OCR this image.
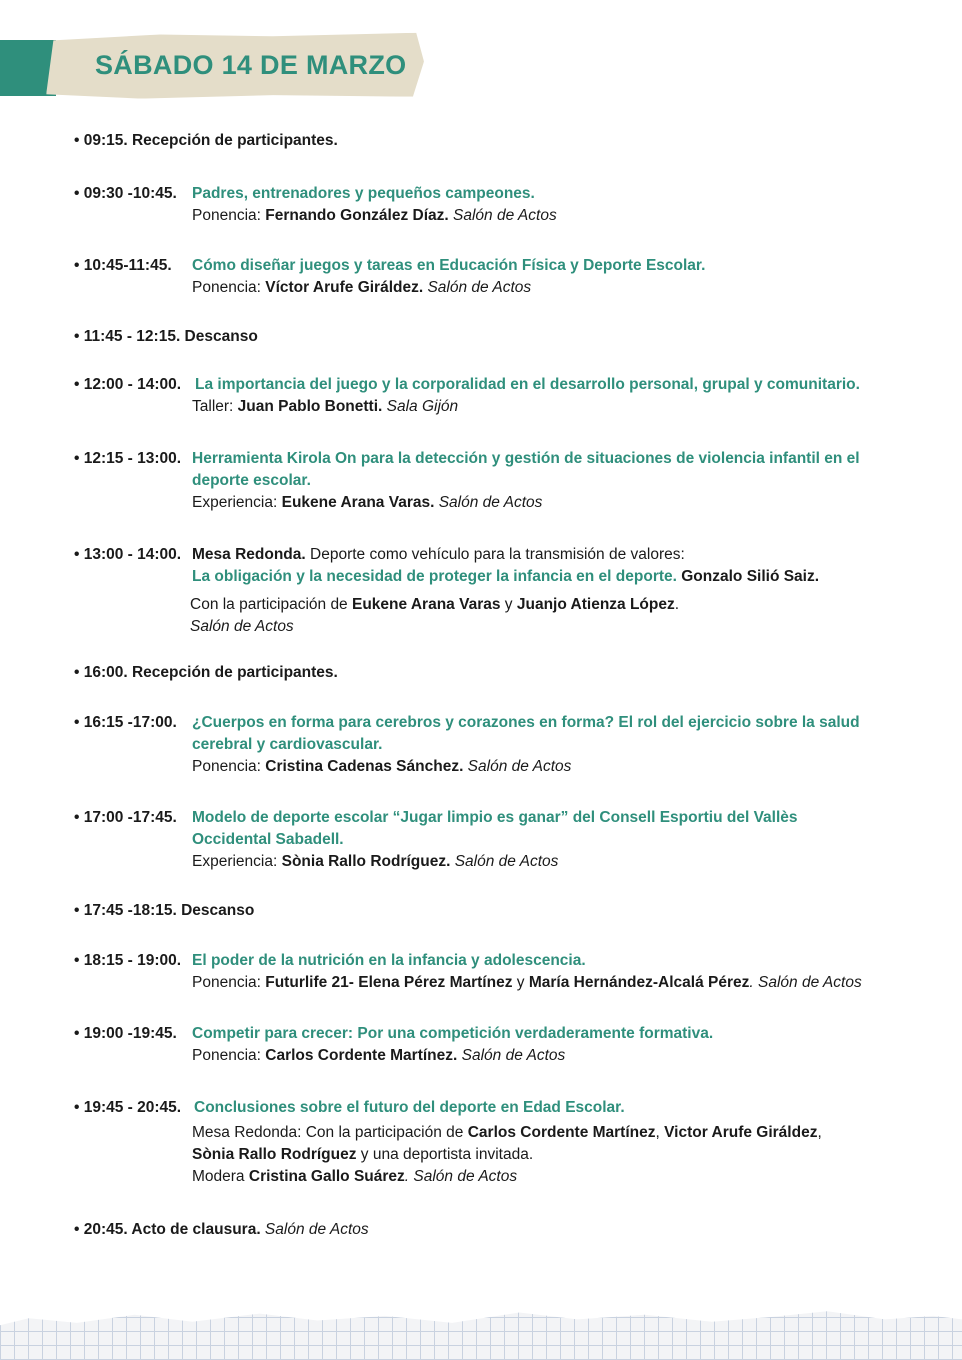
SÁBADO 14 DE MARZO
• 09:15. Recepción de participantes.
• 09:30 -10:45. Padres, entrenadores y pequeños campeones.
Ponencia: Fernando González Díaz. Salón de Actos
• 10:45-11:45. Cómo diseñar juegos y tareas en Educación Física y Deporte Escolar.
Ponencia: Víctor Arufe Giráldez. Salón de Actos
• 11:45 - 12:15. Descanso
• 12:00 - 14:00. La importancia del juego y la corporalidad en el desarrollo personal, grupal y comunitario.
Taller: Juan Pablo Bonetti. Sala Gijón
• 12:15 - 13:00. Herramienta Kirola On para la detección y gestión de situaciones de violencia infantil en el
deporte escolar.
Experiencia: Eukene Arana Varas. Salón de Actos
• 13:00 - 14:00. Mesa Redonda. Deporte como vehículo para la transmisión de valores:
La obligación y la necesidad de proteger la infancia en el deporte. Gonzalo Silió Saiz.
Con la participación de Eukene Arana Varas y Juanjo Atienza López.
Salón de Actos
• 16:00. Recepción de participantes.
• 16:15 -17:00. ¿Cuerpos en forma para cerebros y corazones en forma? El rol del ejercicio sobre la salud
cerebral y cardiovascular.
Ponencia: Cristina Cadenas Sánchez. Salón de Actos
• 17:00 -17:45. Modelo de deporte escolar “Jugar limpio es ganar” del Consell Esportiu del Vallès
Occidental Sabadell.
Experiencia: Sònia Rallo Rodríguez. Salón de Actos
• 17:45 -18:15. Descanso
• 18:15 - 19:00. El poder de la nutrición en la infancia y adolescencia.
Ponencia: Futurlife 21- Elena Pérez Martínez y María Hernández-Alcalá Pérez. Salón de Actos
• 19:00 -19:45. Competir para crecer: Por una competición verdaderamente formativa.
Ponencia: Carlos Cordente Martínez. Salón de Actos
• 19:45 - 20:45. Conclusiones sobre el futuro del deporte en Edad Escolar.
Mesa Redonda: Con la participación de Carlos Cordente Martínez, Victor Arufe Giráldez,
Sònia Rallo Rodríguez y una deportista invitada.
Modera Cristina Gallo Suárez. Salón de Actos
• 20:45. Acto de clausura. Salón de Actos
